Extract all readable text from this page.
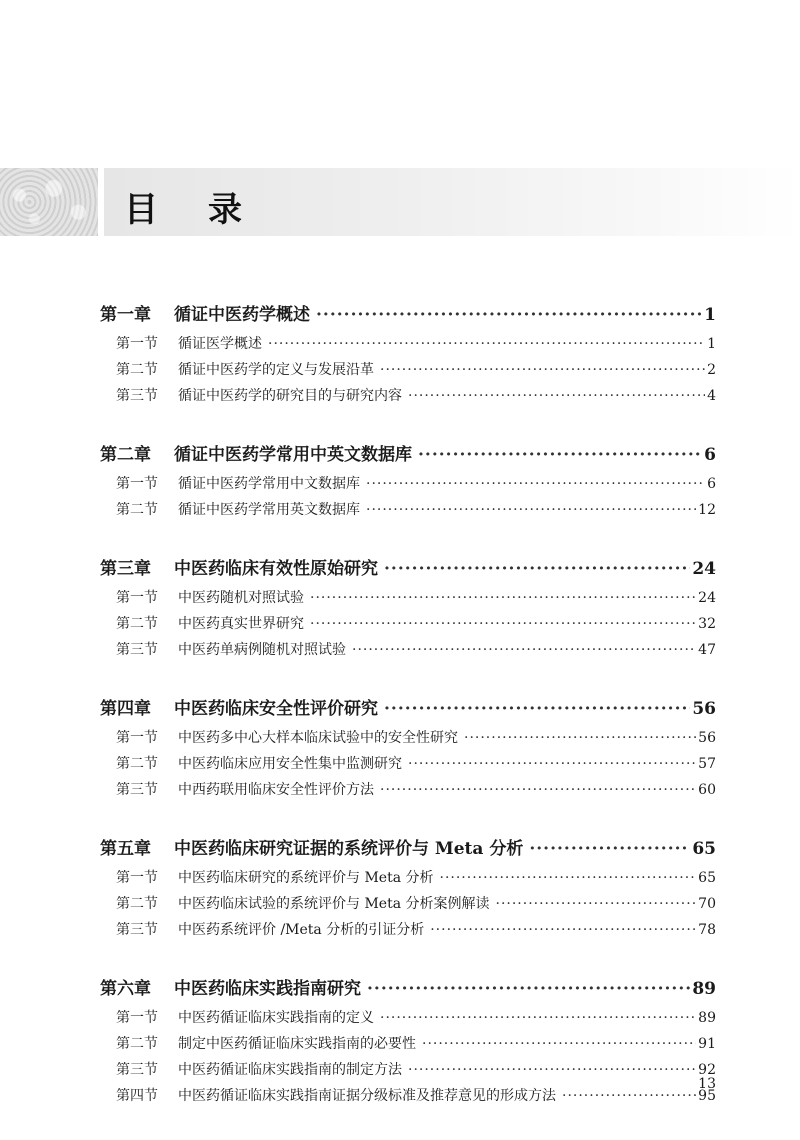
目录
第一章	循证中医药学概述 ·····	1
第一节	循证医学概述 ·····	1
第二节	循证中医药学的定义与发展沿革 ·····	2
第三节	循证中医药学的研究目的与研究内容 ·····	4
第二章	循证中医药学常用中英文数据库 ·····	6
第一节	循证中医药学常用中文数据库 ·····	6
第二节	循证中医药学常用英文数据库 ·····	12
第三章	中医药临床有效性原始研究 ·····	24
第一节	中医药随机对照试验 ·····	24
第二节	中医药真实世界研究 ·····	32
第三节	中医药单病例随机对照试验 ·····	47
第四章	中医药临床安全性评价研究 ·····	56
第一节	中医药多中心大样本临床试验中的安全性研究 ·····	56
第二节	中医药临床应用安全性集中监测研究 ·····	57
第三节	中西药联用临床安全性评价方法 ·····	60
第五章	中医药临床研究证据的系统评价与 Meta 分析 ·····	65
第一节	中医药临床研究的系统评价与 Meta 分析 ·····	65
第二节	中医药临床试验的系统评价与 Meta 分析案例解读 ·····	70
第三节	中医药系统评价 /Meta 分析的引证分析 ·····	78
第六章	中医药临床实践指南研究 ·····	89
第一节	中医药循证临床实践指南的定义 ·····	89
第二节	制定中医药循证临床实践指南的必要性 ·····	91
第三节	中医药循证临床实践指南的制定方法 ·····	92
第四节	中医药循证临床实践指南证据分级标准及推荐意见的形成方法 ·····	95
13
